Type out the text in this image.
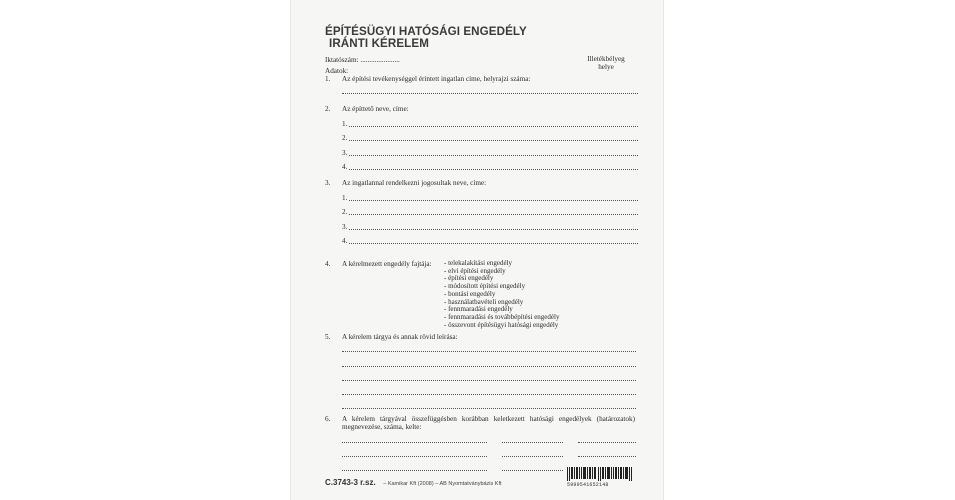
ÉPÍTÉSÜGYI HATÓSÁGI ENGEDÉLY
IRÁNTI KÉRELEM
Iktatószám: ......................	Illetékbélyeg
helye
Adatok:
1. Az építési tevékenységgel érintett ingatlan címe, helyrajzi száma:
2. Az építtető neve, címe:
1.
2.
3.
4.
3. Az ingatlannal rendelkezni jogosultak neve, címe:
1.
2.
3.
4.
4. A kérelmezett engedély fajtája: - telekalakítási engedély
- elvi építési engedély
- építési engedély
- módosított építési engedély
- bontási engedély
- használatbavételi engedély
- fennmaradási engedély
- fennmaradási és továbbépítési engedély
- összevont építésügyi hatósági engedély
5. A kérelem tárgya és annak rövid leírása:
6. A kérelem tárgyával összefüggésben korábban keletkezett hatósági engedélyek (határozatok)
megnevezése, száma, kelte:
C.3743-3 r.sz. – Kamikar Kft (2008) – AB Nyomtatványbázis Kft	5999541652148
